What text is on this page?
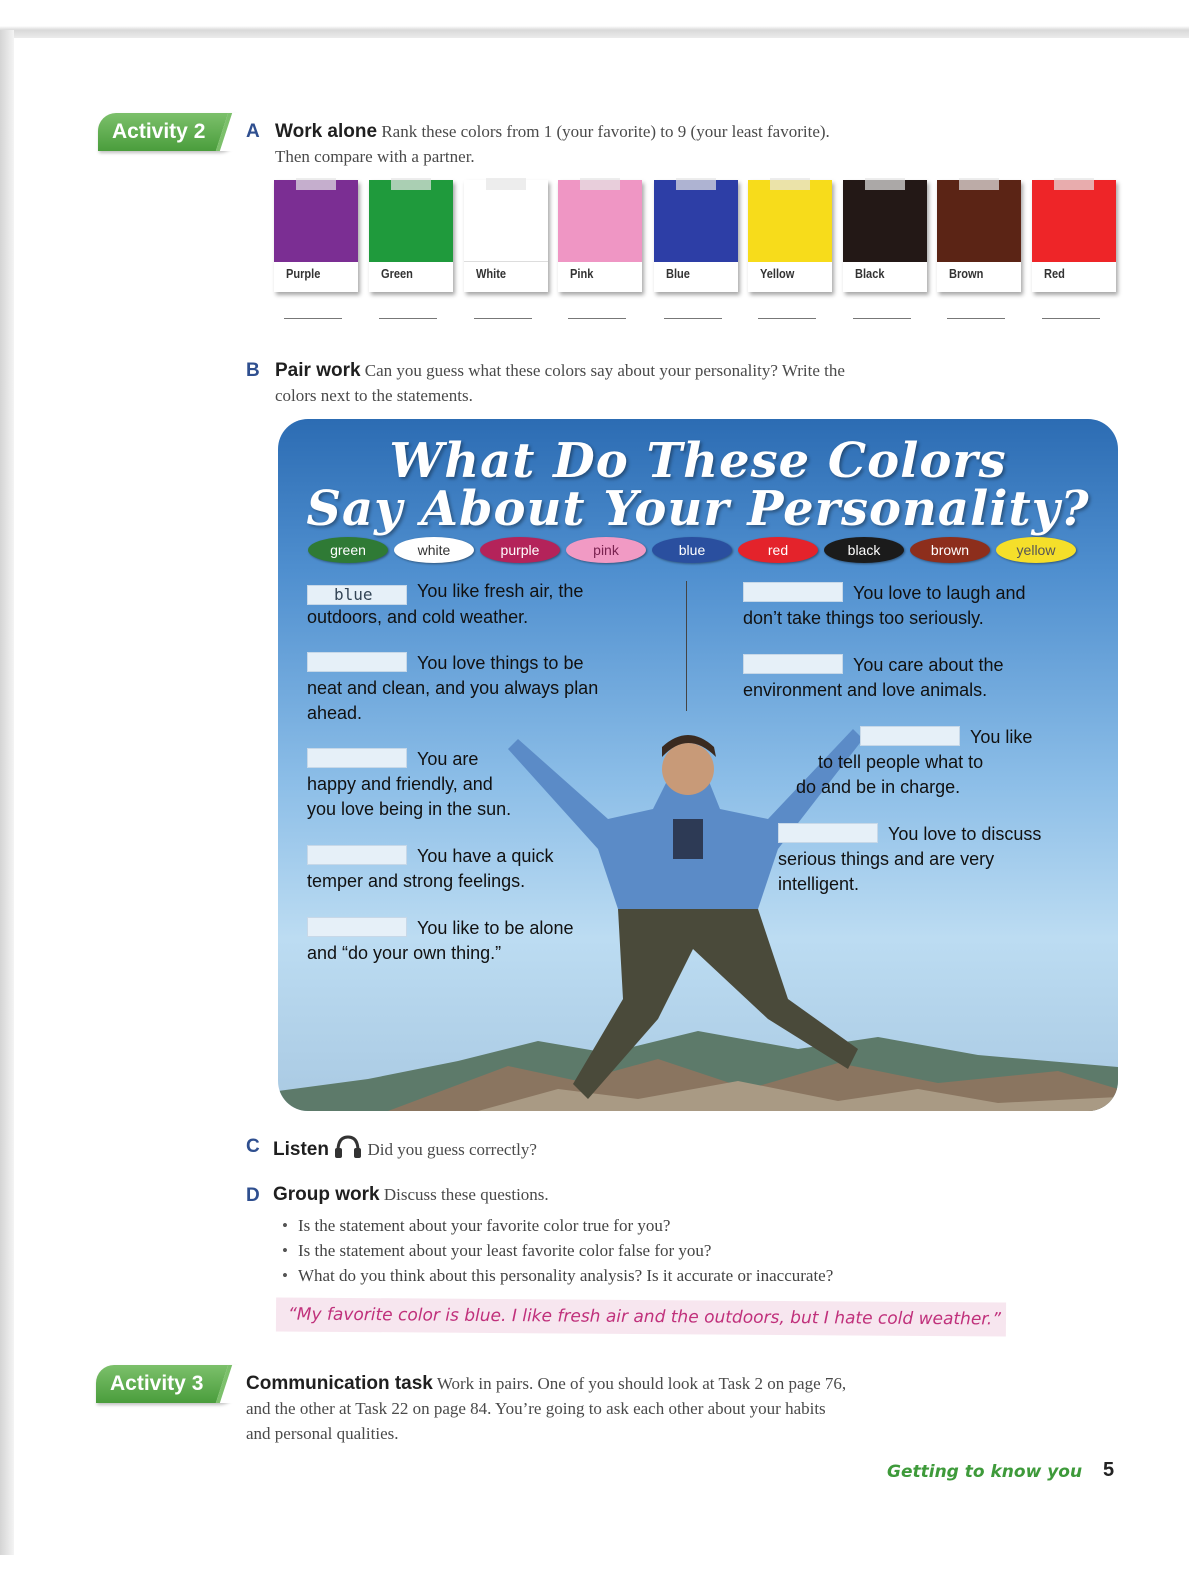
Activity 2	A Work alone Rank these colors from 1 (your favorite) to 9 (your least favorite).
Then compare with a partner.
Purple	Green	White	Pink	Blue	Yellow	Black	Brown	Red
B Pair work Can you guess what these colors say about your personality? Write the
colors next to the statements.
What Do These Colors
Say About Your Personality?
green	white	purple	pink	blue	red	black	brown	yellow
blue You like fresh air, the
outdoors, and cold weather.
You love things to be
neat and clean, and you always plan
ahead.
You are
happy and friendly, and
you love being in the sun.
You have a quick
temper and strong feelings.
You like to be alone
and “do your own thing.”
You love to laugh and
don’t take things too seriously.
You care about the
environment and love animals.
You like
to tell people what to
do and be in charge.
You love to discuss
serious things and are very
intelligent.
C Listen Did you guess correctly?
D Group work Discuss these questions.
• Is the statement about your favorite color true for you?
• Is the statement about your least favorite color false for you?
• What do you think about this personality analysis? Is it accurate or inaccurate?
“My favorite color is blue. I like fresh air and the outdoors, but I hate cold weather.”
Activity 3	Communication task Work in pairs. One of you should look at Task 2 on page 76,
and the other at Task 22 on page 84. You’re going to ask each other about your habits
and personal qualities.
Getting to know you 5
